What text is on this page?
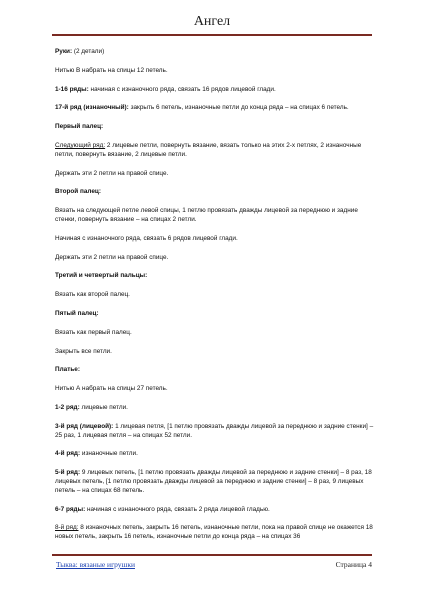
Ангел

Руки: (2 детали)

Нитью В набрать на спицы 12 петель.

1-16 ряды: начиная с изнаночного ряда, связать 16 рядов лицевой глади.

17-й ряд (изнаночный): закрыть 6 петель, изнаночные петли до конца ряда – на спицах 6 петель.

Первый палец:

Следующий ряд: 2 лицевые петли, повернуть вязание, вязать только на этих 2-х петлях, 2 изнаночные петли, повернуть вязание, 2 лицевые петли.

Держать эти 2 петли на правой спице.

Второй палец:

Вязать на следующей петле левой спицы, 1 петлю провязать дважды лицевой за переднюю и задние стенки, повернуть вязание – на спицах 2 петли.

Начиная с изнаночного ряда, связать 6 рядов лицевой глади.

Держать эти 2 петли на правой спице.

Третий и четвертый пальцы:

Вязать как второй палец.

Пятый палец:

Вязать как первый палец.

Закрыть все петли.

Платье:

Нитью А набрать на спицы 27 петель.

1-2 ряд: лицевые петли.

3-й ряд (лицевой): 1 лицевая петля, [1 петлю провязать дважды лицевой за переднюю и задние стенки] – 25 раз, 1 лицевая петля – на спицах 52 петли.

4-й ряд: изнаночные петли.

5-й ряд: 9 лицевых петель, [1 петлю провязать дважды лицевой за переднюю и задние стенки] – 8 раз, 18 лицевых петель, [1 петлю провязать дважды лицевой за переднюю и задние стенки] – 8 раз, 9 лицевых петель – на спицах 68 петель.

6-7 ряды: начиная с изнаночного ряда, связать 2 ряда лицевой гладью.

8-й ряд: 8 изнаночных петель, закрыть 16 петель, изнаночные петли, пока на правой спице не окажется 18 новых петель, закрыть 16 петель, изнаночные петли до конца ряда – на спицах 36

Тыква: вязаные игрушки	Страница 4
